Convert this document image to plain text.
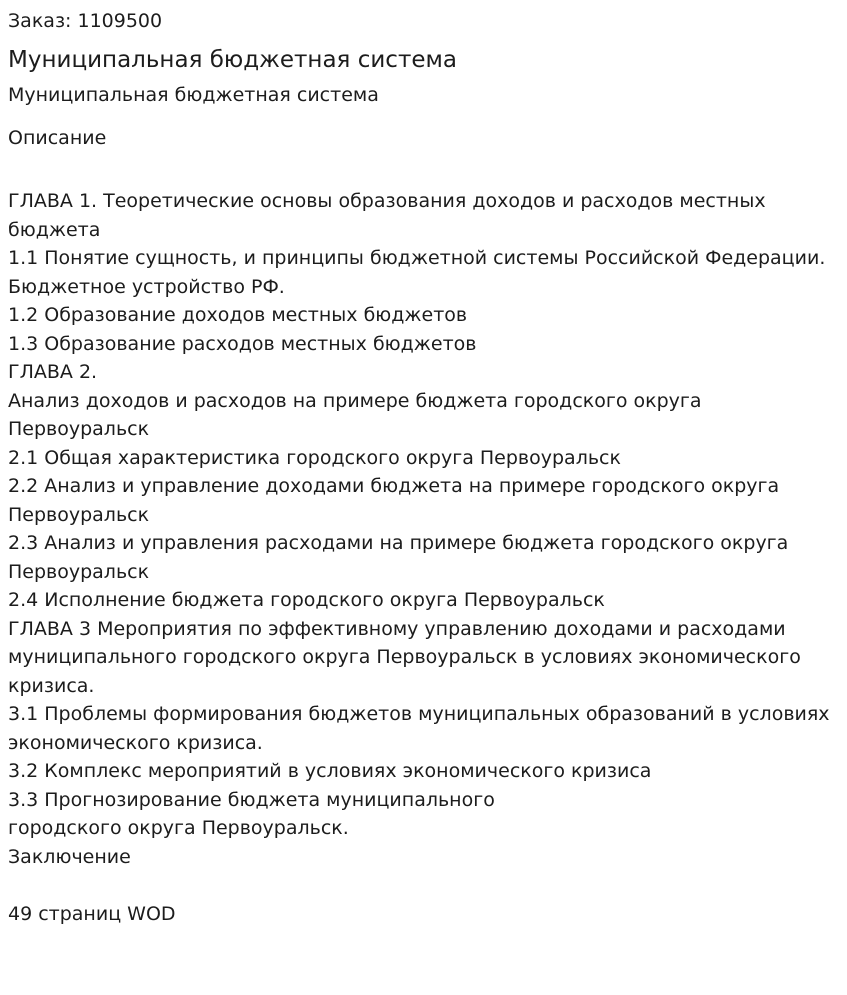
Заказ: 1109500

Муниципальная бюджетная система

Муниципальная бюджетная система

Описание

ГЛАВА 1. Теоретические основы образования доходов и расходов местных
бюджета
1.1 Понятие сущность, и принципы бюджетной системы Российской Федерации.
Бюджетное устройство РФ.
1.2 Образование доходов местных бюджетов
1.3 Образование расходов местных бюджетов
ГЛАВА 2.
Анализ доходов и расходов на примере бюджета городского округа
Первоуральск
2.1 Общая характеристика городского округа Первоуральск
2.2 Анализ и управление доходами бюджета на примере городского округа
Первоуральск
2.3 Анализ и управления расходами на примере бюджета городского округа
Первоуральск
2.4 Исполнение бюджета городского округа Первоуральск
ГЛАВА 3 Мероприятия по эффективному управлению доходами и расходами
муниципального городского округа Первоуральск в условиях экономического
кризиса.
3.1 Проблемы формирования бюджетов муниципальных образований в условиях
экономического кризиса.
3.2 Комплекс мероприятий в условиях экономического кризиса
3.3 Прогнозирование бюджета муниципального
городского округа Первоуральск.
Заключение

49 страниц WOD
